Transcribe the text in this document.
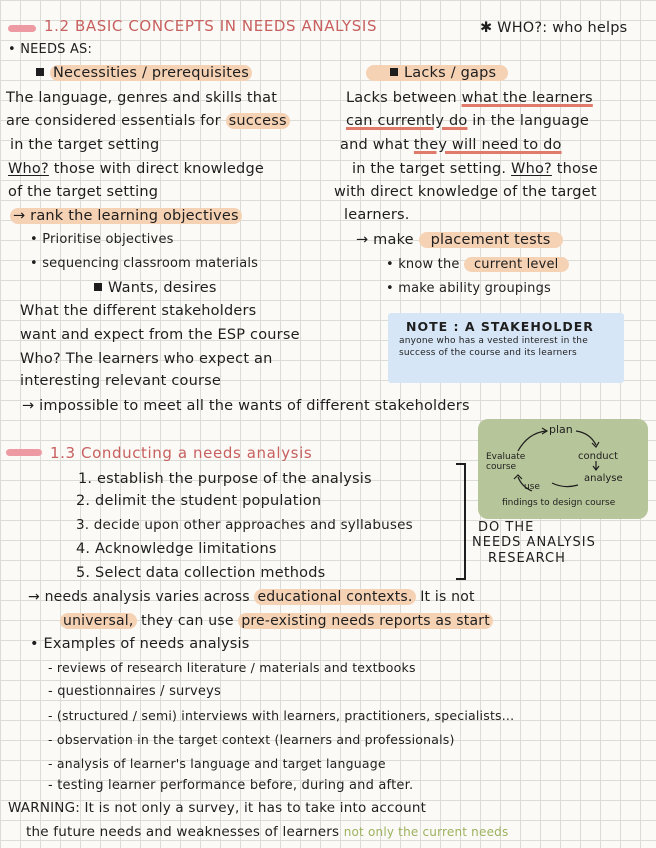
1.2 BASIC CONCEPTS IN NEEDS ANALYSIS	✱ WHO?: who helps
• NEEDS AS:
Necessities / prerequisites
The language, genres and skills that
are considered essentials for success
in the target setting
Who? those with direct knowledge
of the target setting
→ rank the learning objectives
• Prioritise objectives
• sequencing classroom materials
Lacks / gaps
Lacks between what the learners
can currently do in the language
and what they will need to do
in the target setting. Who? those
with direct knowledge of the target
learners.
→ make placement tests
• know the current level
• make ability groupings
Wants, desires
What the different stakeholders
want and expect from the ESP course
Who? The learners who expect an
interesting relevant course
→ impossible to meet all the wants of different stakeholders
NOTE : A STAKEHOLDER
anyone who has a vested interest in the success of the course and its learners
1.3 Conducting a needs analysis
1. establish the purpose of the analysis
2. delimit the student population
3. decide upon other approaches and syllabuses
4. Acknowledge limitations
5. Select data collection methods
DO THE
NEEDS ANALYSIS
RESEARCH
plan
Evaluate course
conduct
analyse
use
findings to design course
→ needs analysis varies across educational contexts. It is not
universal, they can use pre-existing needs reports as start
• Examples of needs analysis
- reviews of research literature / materials and textbooks
- questionnaires / surveys
- (structured / semi) interviews with learners, practitioners, specialists...
- observation in the target context (learners and professionals)
- analysis of learner's language and target language
- testing learner performance before, during and after.
WARNING: It is not only a survey, it has to take into account
the future needs and weaknesses of learners not only the current needs
